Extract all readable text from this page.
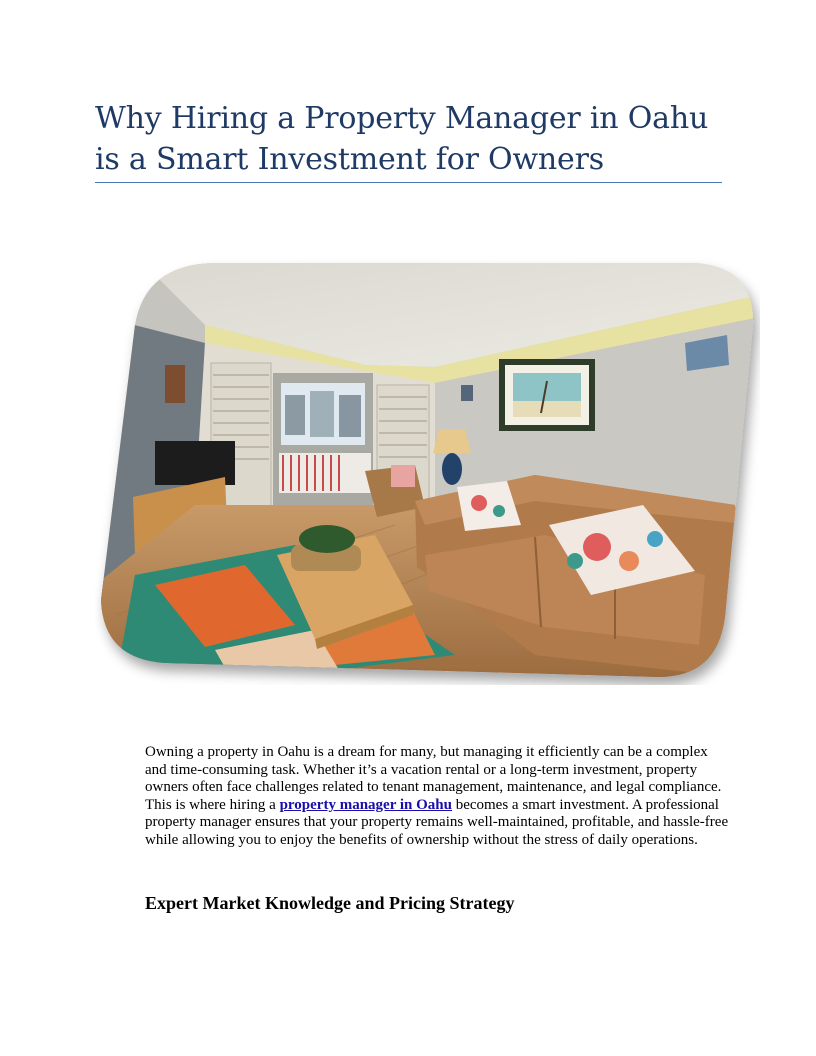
Why Hiring a Property Manager in Oahu
is a Smart Investment for Owners

Owning a property in Oahu is a dream for many, but managing it efficiently can be a complex and time-consuming task. Whether it’s a vacation rental or a long-term investment, property owners often face challenges related to tenant management, maintenance, and legal compliance. This is where hiring a property manager in Oahu becomes a smart investment. A professional property manager ensures that your property remains well-maintained, profitable, and hassle-free while allowing you to enjoy the benefits of ownership without the stress of daily operations.

Expert Market Knowledge and Pricing Strategy
